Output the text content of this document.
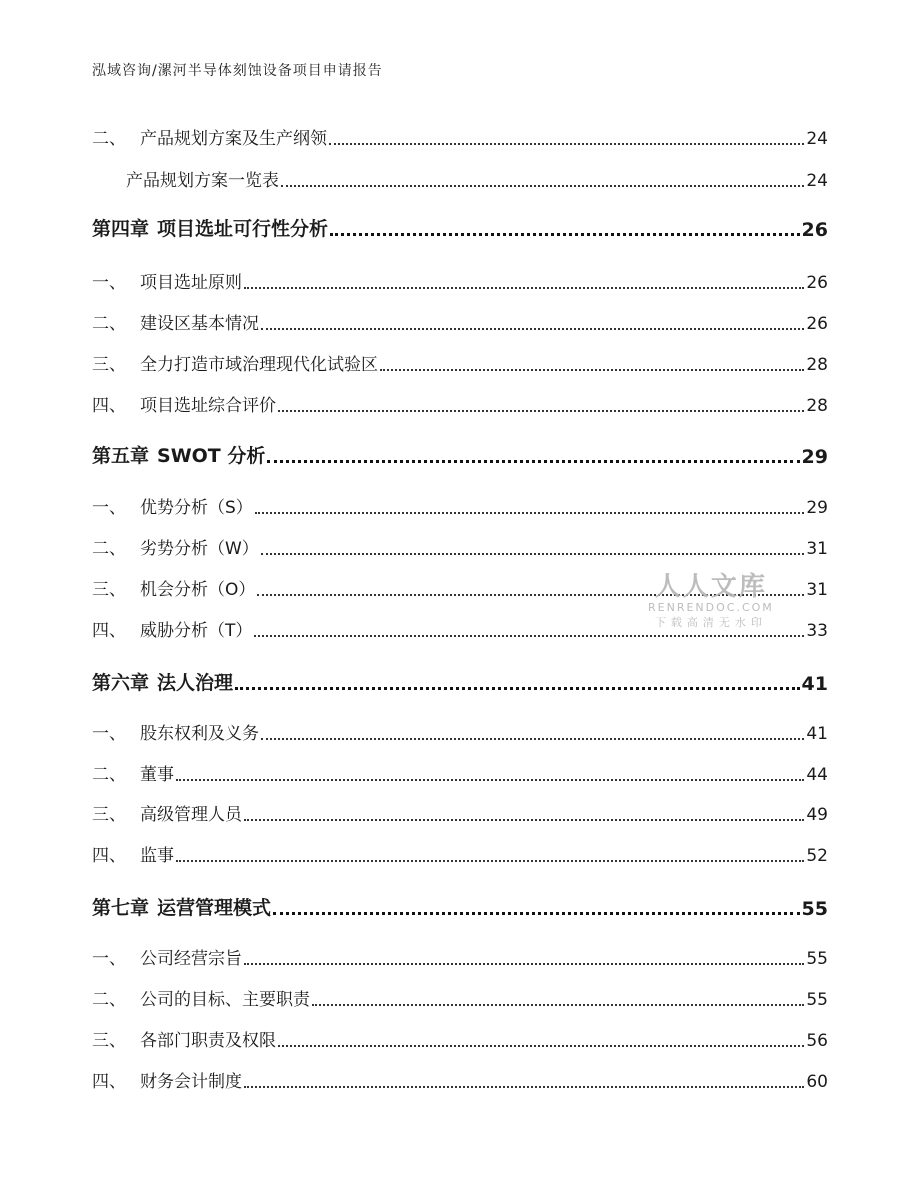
泓域咨询/漯河半导体刻蚀设备项目申请报告
二、 产品规划方案及生产纲领	24
产品规划方案一览表	24
第四章 项目选址可行性分析	26
一、 项目选址原则	26
二、 建设区基本情况	26
三、 全力打造市域治理现代化试验区	28
四、 项目选址综合评价	28
第五章 SWOT 分析	29
一、 优势分析（S）	29
二、 劣势分析（W）	31
三、 机会分析（O）	31
四、 威胁分析（T）	33
第六章 法人治理	41
一、 股东权利及义务	41
二、 董事	44
三、 高级管理人员	49
四、 监事	52
第七章 运营管理模式	55
一、 公司经营宗旨	55
二、 公司的目标、主要职责	55
三、 各部门职责及权限	56
四、 财务会计制度	60
人人文库
RENRENDOC.COM
下载高清无水印
